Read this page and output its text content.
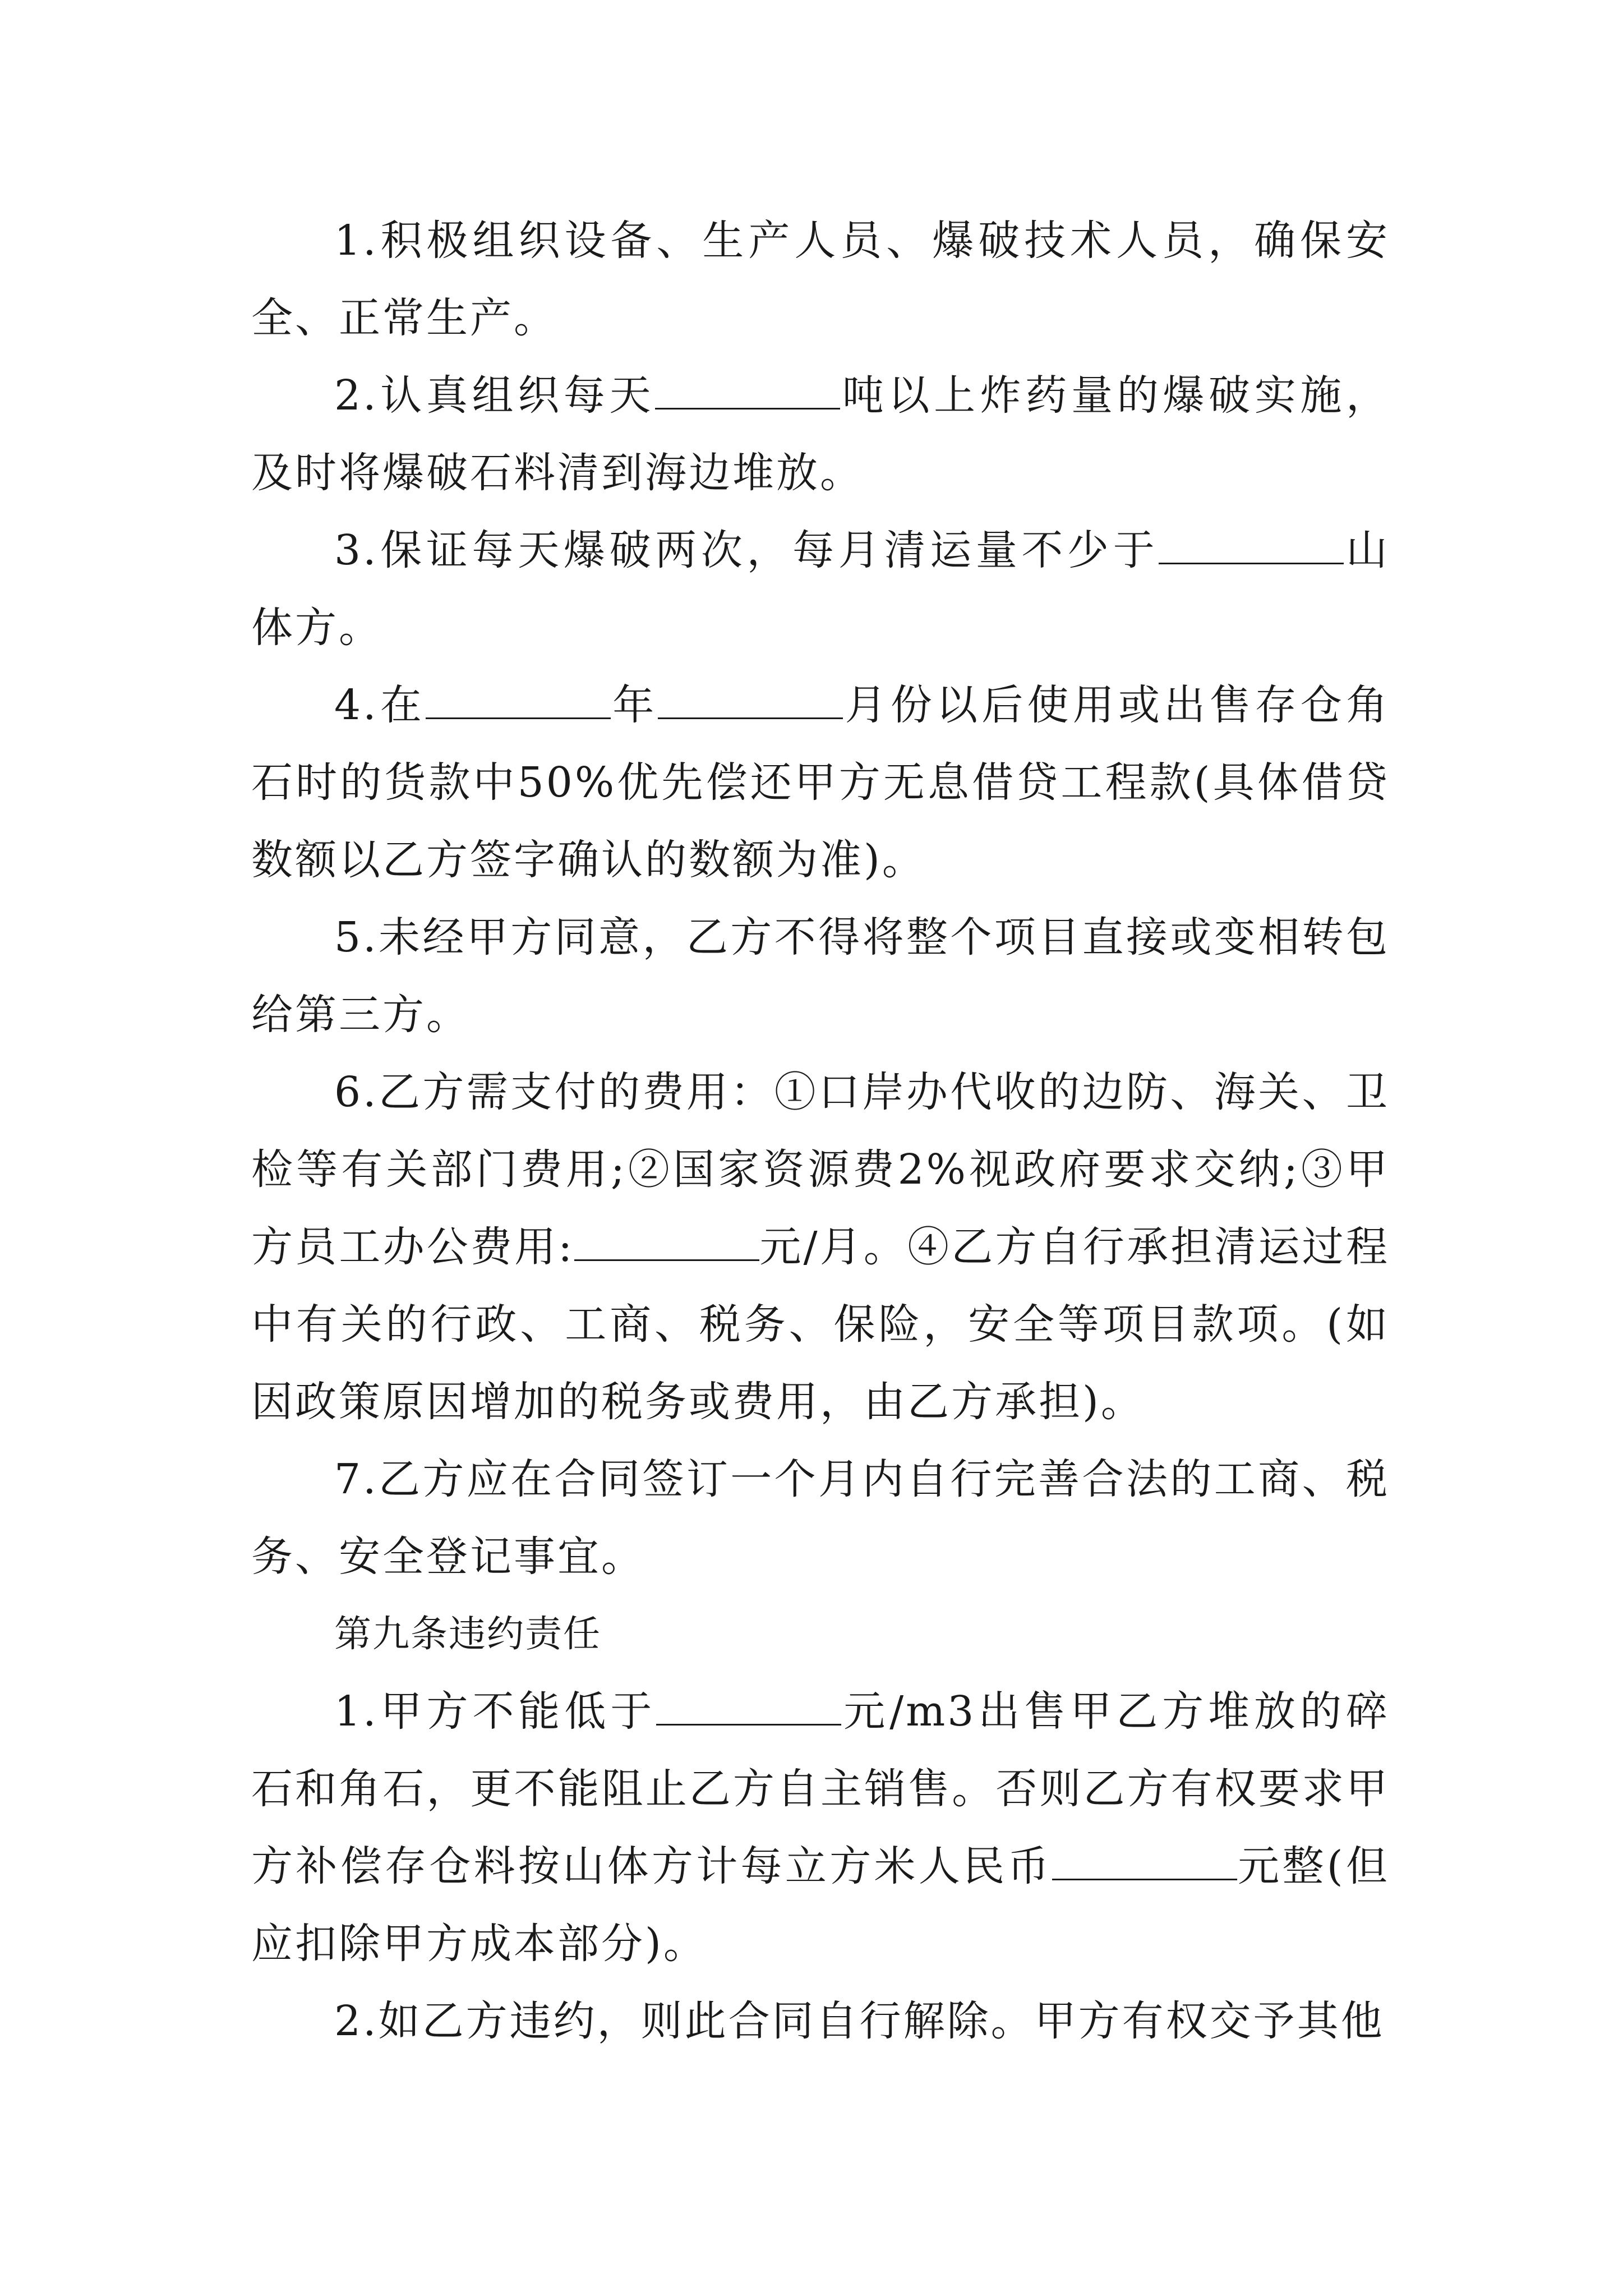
1.积极组织设备、生产人员、爆破技术人员，确保安全、正常生产。

2.认真组织每天	吨以上炸药量的爆破实施，及时将爆破石料清到海边堆放。

3.保证每天爆破两次，每月清运量不少于	山体方。

4.在	年	月份以后使用或出售存仓角石时的货款中50%优先偿还甲方无息借贷工程款(具体借贷数额以乙方签字确认的数额为准)。

5.未经甲方同意，乙方不得将整个项目直接或变相转包给第三方。

6.乙方需支付的费用：①口岸办代收的边防、海关、卫检等有关部门费用;②国家资源费2%视政府要求交纳;③甲方员工办公费用:	元/月。④乙方自行承担清运过程中有关的行政、工商、税务、保险，安全等项目款项。(如因政策原因增加的税务或费用，由乙方承担)。

7.乙方应在合同签订一个月内自行完善合法的工商、税务、安全登记事宜。

第九条违约责任

1.甲方不能低于	元/m3出售甲乙方堆放的碎石和角石，更不能阻止乙方自主销售。否则乙方有权要求甲方补偿存仓料按山体方计每立方米人民币	元整(但应扣除甲方成本部分)。

2.如乙方违约，则此合同自行解除。甲方有权交予其他
